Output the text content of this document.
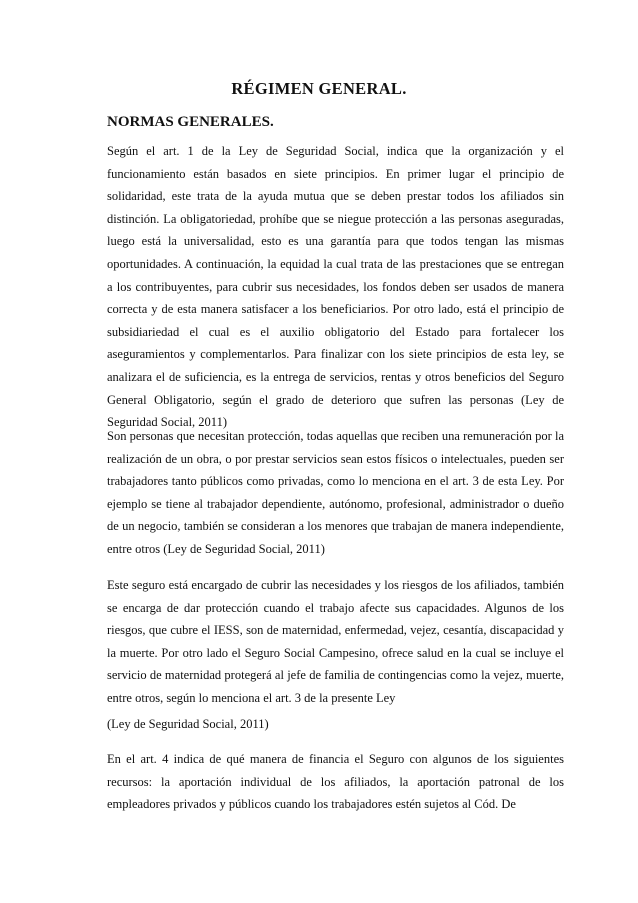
RÉGIMEN GENERAL.
NORMAS GENERALES.

Según el art. 1 de la Ley de Seguridad Social, indica que la organización y el funcionamiento están basados en siete principios. En primer lugar el principio de solidaridad, este trata de la ayuda mutua que se deben prestar todos los afiliados sin distinción. La obligatoriedad, prohíbe que se niegue protección a las personas aseguradas, luego está la universalidad, esto es una garantía para que todos tengan las mismas oportunidades. A continuación, la equidad la cual trata de las prestaciones que se entregan a los contribuyentes, para cubrir sus necesidades, los fondos deben ser usados de manera correcta y de esta manera satisfacer a los beneficiarios. Por otro lado, está el principio de subsidiariedad el cual es el auxilio obligatorio del Estado para fortalecer los aseguramientos y complementarlos. Para finalizar con los siete principios de esta ley, se analizara el de suficiencia, es la entrega de servicios, rentas y otros beneficios del Seguro General Obligatorio, según el grado de deterioro que sufren las personas (Ley de Seguridad Social, 2011)

Son personas que necesitan protección, todas aquellas que reciben una remuneración por la realización de un obra, o por prestar servicios sean estos físicos o intelectuales, pueden ser trabajadores tanto públicos como privadas, como lo menciona en el art. 3 de esta Ley. Por ejemplo se tiene al trabajador dependiente, autónomo, profesional, administrador o dueño de un negocio, también se consideran a los menores que trabajan de manera independiente, entre otros (Ley de Seguridad Social, 2011)

Este seguro está encargado de cubrir las necesidades y los riesgos de los afiliados, también se encarga de dar protección cuando el trabajo afecte sus capacidades. Algunos de los riesgos, que cubre el IESS, son de maternidad, enfermedad, vejez, cesantía, discapacidad y la muerte. Por otro lado el Seguro Social Campesino, ofrece salud en la cual se incluye el servicio de maternidad protegerá al jefe de familia de contingencias como la vejez, muerte, entre otros, según lo menciona el art. 3 de la presente Ley

(Ley de Seguridad Social, 2011)

En el art. 4 indica de qué manera de financia el Seguro con algunos de los siguientes recursos: la aportación individual de los afiliados, la aportación patronal de los empleadores privados y públicos cuando los trabajadores estén sujetos al Cód. De
